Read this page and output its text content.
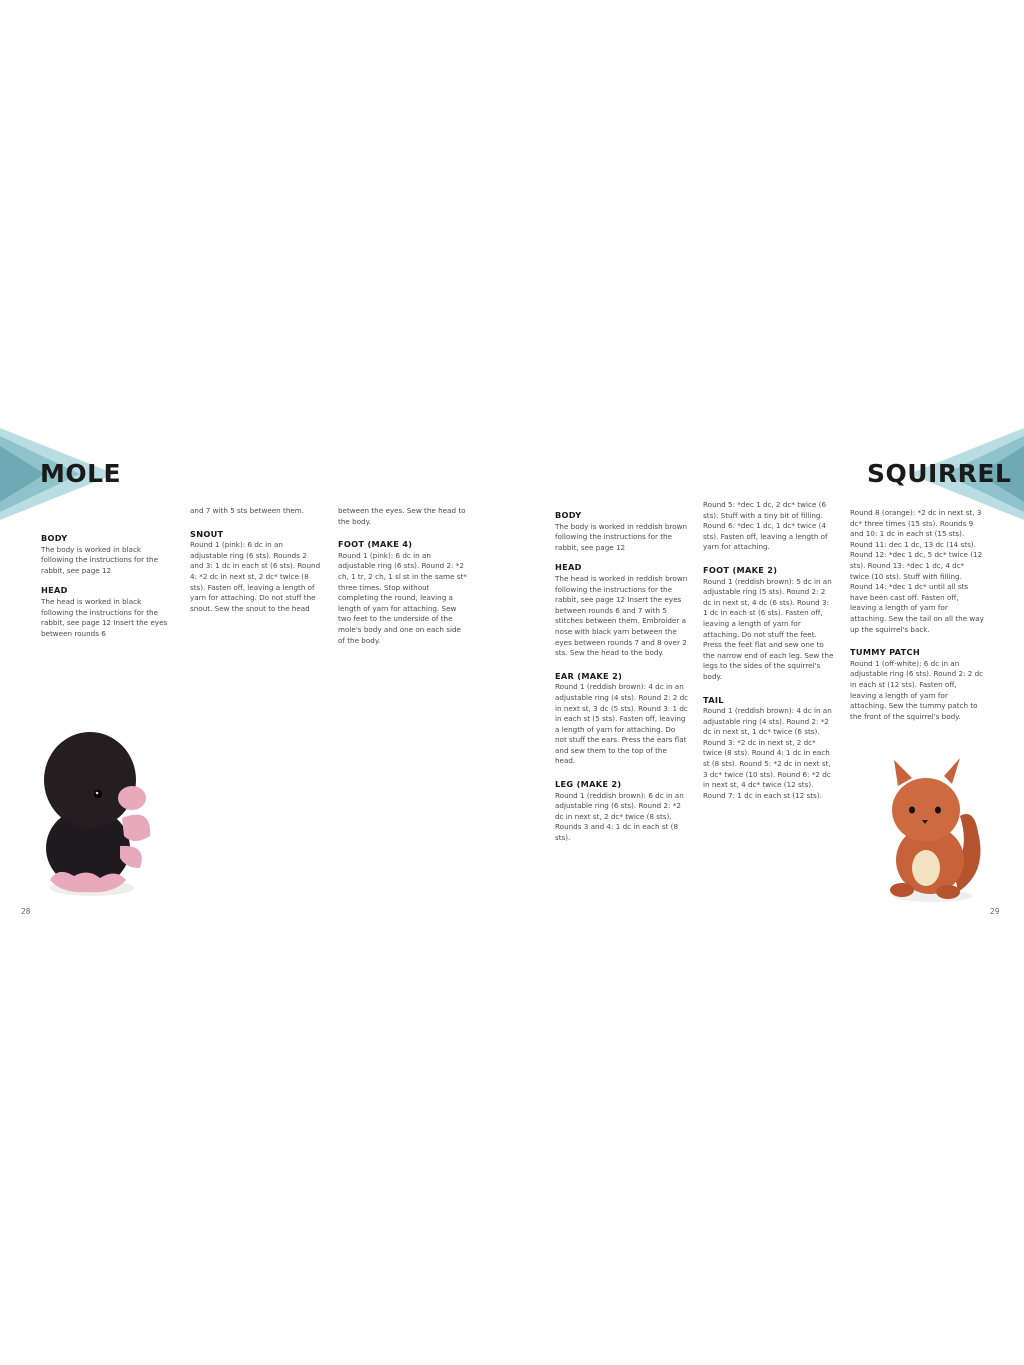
MOLE	SQUIRREL
BODY

The body is worked in black following the instructions for the rabbit, see page 12

HEAD

The head is worked in black following the instructions for the rabbit, see page 12 Insert the eyes between rounds 6

and 7 with 5 sts between them.

SNOUT

Round 1 (pink): 6 dc in an adjustable ring (6 sts). Rounds 2 and 3: 1 dc in each st (6 sts). Round 4: *2 dc in next st, 2 dc* twice (8 sts). Fasten off, leaving a length of yarn for attaching. Do not stuff the snout. Sew the snout to the head

between the eyes. Sew the head to the body.

FOOT (MAKE 4)

Round 1 (pink): 6 dc in an adjustable ring (6 sts). Round 2: *2 ch, 1 tr, 2 ch, 1 sl st in the same st* three times. Stop without completing the round, leaving a length of yarn for attaching. Sew two feet to the underside of the mole's body and one on each side of the body.

28
BODY

The body is worked in reddish brown following the instructions for the rabbit, see page 12

HEAD

The head is worked in reddish brown following the instructions for the rabbit, see page 12 Insert the eyes between rounds 6 and 7 with 5 stitches between them. Embroider a nose with black yarn between the eyes between rounds 7 and 8 over 2 sts. Sew the head to the body.

EAR (MAKE 2)

Round 1 (reddish brown): 4 dc in an adjustable ring (4 sts). Round 2: 2 dc in next st, 3 dc (5 sts). Round 3: 1 dc in each st (5 sts). Fasten off, leaving a length of yarn for attaching. Do not stuff the ears. Press the ears flat and sew them to the top of the head.

LEG (MAKE 2)

Round 1 (reddish brown): 6 dc in an adjustable ring (6 sts). Round 2: *2 dc in next st, 2 dc* twice (8 sts). Rounds 3 and 4: 1 dc in each st (8 sts).

Round 5: *dec 1 dc, 2 dc* twice (6 sts). Stuff with a tiny bit of filling. Round 6: *dec 1 dc, 1 dc* twice (4 sts). Fasten off, leaving a length of yarn for attaching.

FOOT (MAKE 2)

Round 1 (reddish brown): 5 dc in an adjustable ring (5 sts). Round 2: 2 dc in next st, 4 dc (6 sts). Round 3: 1 dc in each st (6 sts). Fasten off, leaving a length of yarn for attaching. Do not stuff the feet. Press the feet flat and sew one to the narrow end of each leg. Sew the legs to the sides of the squirrel's body.

TAIL

Round 1 (reddish brown): 4 dc in an adjustable ring (4 sts). Round 2: *2 dc in next st, 1 dc* twice (6 sts). Round 3: *2 dc in next st, 2 dc* twice (8 sts). Round 4: 1 dc in each st (8 sts). Round 5: *2 dc in next st, 3 dc* twice (10 sts). Round 6: *2 dc in next st, 4 dc* twice (12 sts). Round 7: 1 dc in each st (12 sts).

Round 8 (orange): *2 dc in next st, 3 dc* three times (15 sts). Rounds 9 and 10: 1 dc in each st (15 sts). Round 11: dec 1 dc, 13 dc (14 sts). Round 12: *dec 1 dc, 5 dc* twice (12 sts). Round 13: *dec 1 dc, 4 dc* twice (10 sts). Stuff with filling. Round 14: *dec 1 dc* until all sts have been cast off. Fasten off, leaving a length of yarn for attaching. Sew the tail on all the way up the squirrel's back.

TUMMY PATCH

Round 1 (off-white): 6 dc in an adjustable ring (6 sts). Round 2: 2 dc in each st (12 sts). Fasten off, leaving a length of yarn for attaching. Sew the tummy patch to the front of the squirrel's body.

29
